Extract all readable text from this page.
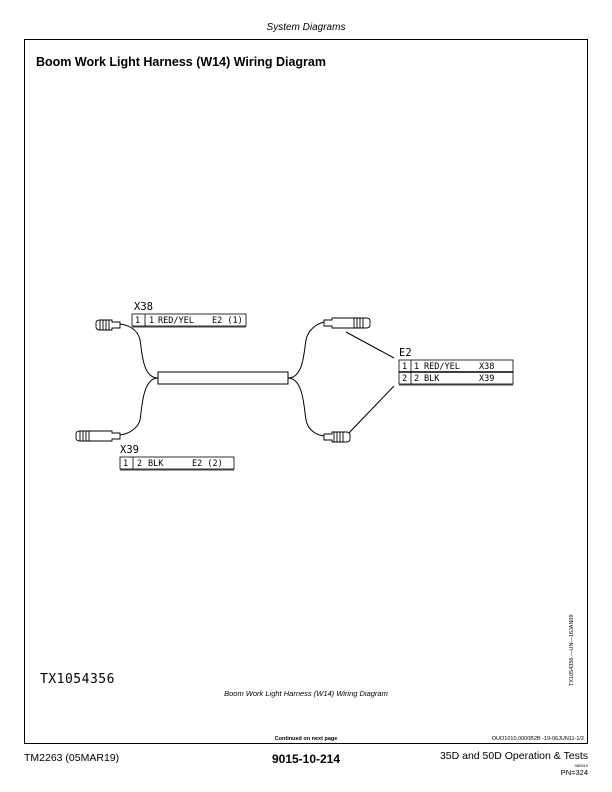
System Diagrams
Boom Work Light Harness (W14) Wiring Diagram
X38
1 1 RED/YEL E2 (1)
X39
1 2 BLK	E2 (2)
E2
1 1 RED/YEL X38
2 2 BLK	X39
TX1054356
Boom Work Light Harness (W14) Wiring Diagram
TX1054356 —UN—16JAN09
Continued on next page	OUO1010,0000B2B -19-06JUN11-1/2
TM2263 (05MAR19)	9015-10-214	35D and 50D Operation & Tests
080519
PN=324
